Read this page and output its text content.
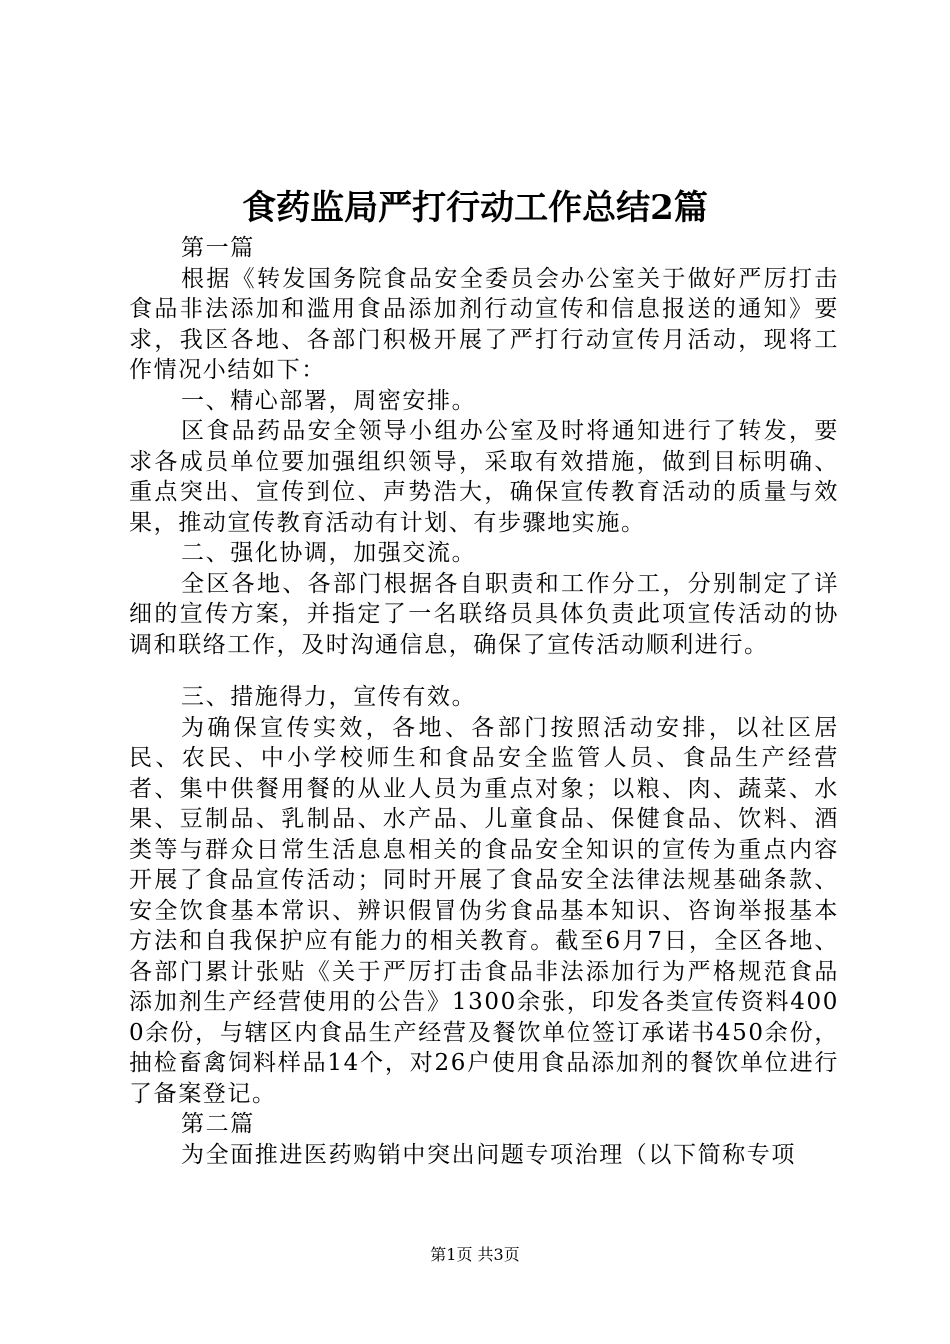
食药监局严打行动工作总结2篇

第一篇

根据《转发国务院食品安全委员会办公室关于做好严厉打击食品非法添加和滥用食品添加剂行动宣传和信息报送的通知》要求，我区各地、各部门积极开展了严打行动宣传月活动，现将工作情况小结如下：

一、精心部署，周密安排。

区食品药品安全领导小组办公室及时将通知进行了转发，要求各成员单位要加强组织领导，采取有效措施，做到目标明确、重点突出、宣传到位、声势浩大，确保宣传教育活动的质量与效果，推动宣传教育活动有计划、有步骤地实施。

二、强化协调，加强交流。

全区各地、各部门根据各自职责和工作分工，分别制定了详细的宣传方案，并指定了一名联络员具体负责此项宣传活动的协调和联络工作，及时沟通信息，确保了宣传活动顺利进行。

三、措施得力，宣传有效。

为确保宣传实效，各地、各部门按照活动安排，以社区居民、农民、中小学校师生和食品安全监管人员、食品生产经营者、集中供餐用餐的从业人员为重点对象；以粮、肉、蔬菜、水果、豆制品、乳制品、水产品、儿童食品、保健食品、饮料、酒类等与群众日常生活息息相关的食品安全知识的宣传为重点内容开展了食品宣传活动；同时开展了食品安全法律法规基础条款、安全饮食基本常识、辨识假冒伪劣食品基本知识、咨询举报基本方法和自我保护应有能力的相关教育。截至6月7日，全区各地、各部门累计张贴《关于严厉打击食品非法添加行为严格规范食品添加剂生产经营使用的公告》1300余张，印发各类宣传资料4000余份，与辖区内食品生产经营及餐饮单位签订承诺书450余份，抽检畜禽饲料样品14个，对26户使用食品添加剂的餐饮单位进行了备案登记。

第二篇

为全面推进医药购销中突出问题专项治理（以下简称专项

第1页 共3页
